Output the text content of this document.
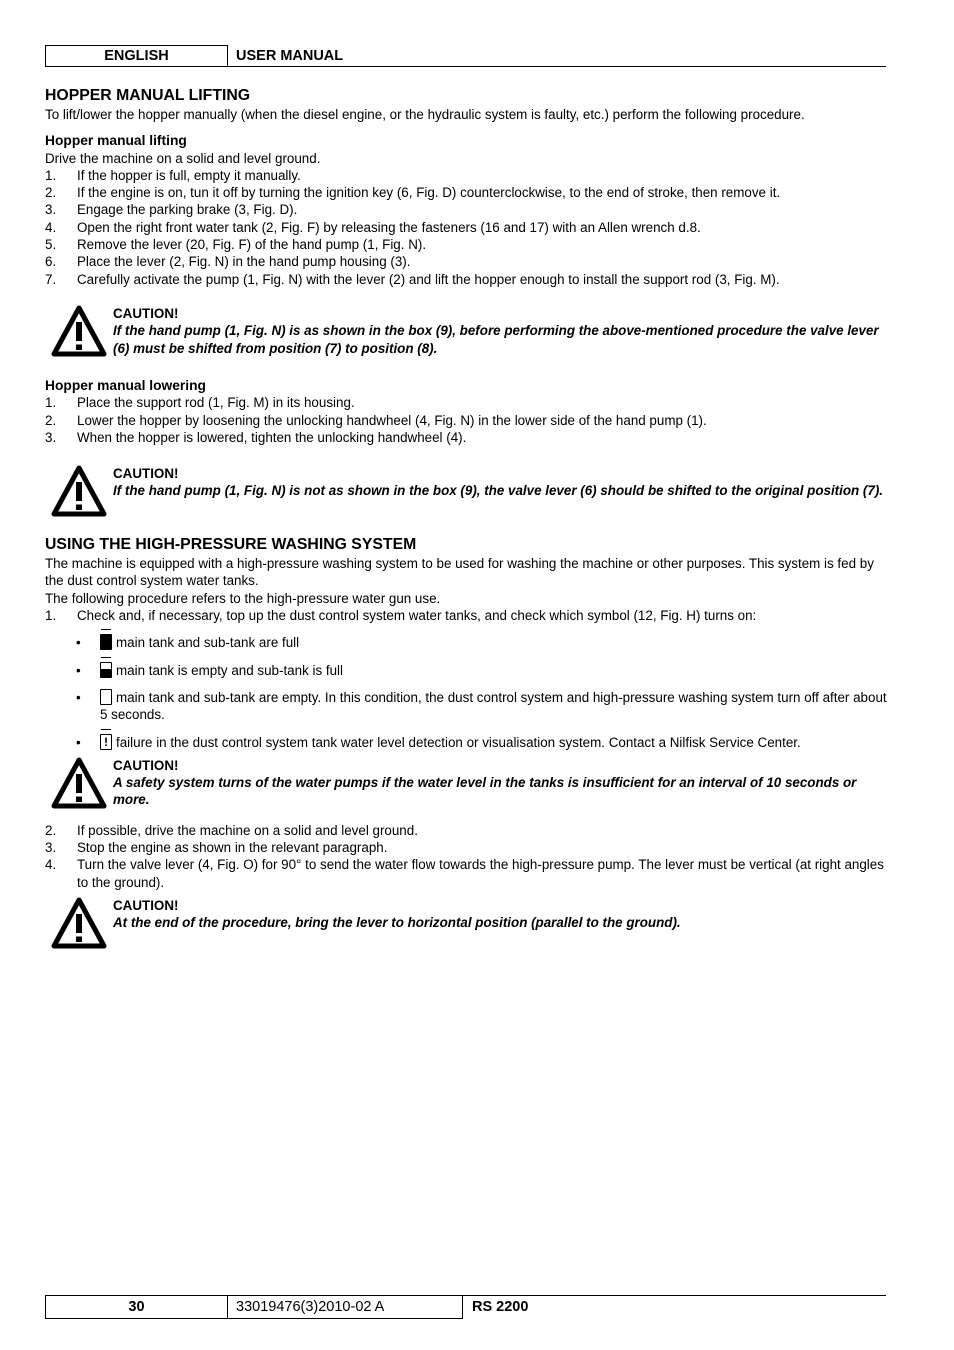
ENGLISH	USER MANUAL
HOPPER MANUAL LIFTING

To lift/lower the hopper manually (when the diesel engine, or the hydraulic system is faulty, etc.) perform the following procedure.

Hopper manual lifting

Drive the machine on a solid and level ground.

1. If the hopper is full, empty it manually.
2. If the engine is on, tun it off by turning the ignition key (6, Fig. D) counterclockwise, to the end of stroke, then remove it.
3. Engage the parking brake (3, Fig. D).
4. Open the right front water tank (2, Fig. F) by releasing the fasteners (16 and 17) with an Allen wrench d.8.
5. Remove the lever (20, Fig. F) of the hand pump (1, Fig. N).
6. Place the lever (2, Fig. N) in the hand pump housing (3).
7. Carefully activate the pump (1, Fig. N) with the lever (2) and lift the hopper enough to install the support rod (3, Fig. M).
CAUTION!
If the hand pump (1, Fig. N) is as shown in the box (9), before performing the above-mentioned procedure the valve lever (6) must be shifted from position (7) to position (8).
Hopper manual lowering
1. Place the support rod (1, Fig. M) in its housing.
2. Lower the hopper by loosening the unlocking handwheel (4, Fig. N) in the lower side of the hand pump (1).
3. When the hopper is lowered, tighten the unlocking handwheel (4).
CAUTION!
If the hand pump (1, Fig. N) is not as shown in the box (9), the valve lever (6) should be shifted to the original position (7).
USING THE HIGH-PRESSURE WASHING SYSTEM

The machine is equipped with a high-pressure washing system to be used for washing the machine or other purposes. This system is fed by the dust control system water tanks.

The following procedure refers to the high-pressure water gun use.

1. Check and, if necessary, top up the dust control system water tanks, and check which symbol (12, Fig. H) turns on:
•	main tank and sub-tank are full
•	main tank is empty and sub-tank is full
•	main tank and sub-tank are empty. In this condition, the dust control system and high-pressure washing system turn off after about 5 seconds.
• ! failure in the dust control system tank water level detection or visualisation system. Contact a Nilfisk Service Center.
CAUTION!
A safety system turns of the water pumps if the water level in the tanks is insufficient for an interval of 10 seconds or more.
2. If possible, drive the machine on a solid and level ground.
3. Stop the engine as shown in the relevant paragraph.
4. Turn the valve lever (4, Fig. O) for 90° to send the water flow towards the high-pressure pump. The lever must be vertical (at right angles to the ground).
CAUTION!
At the end of the procedure, bring the lever to horizontal position (parallel to the ground).
30	33019476(3)2010-02 A	RS 2200
